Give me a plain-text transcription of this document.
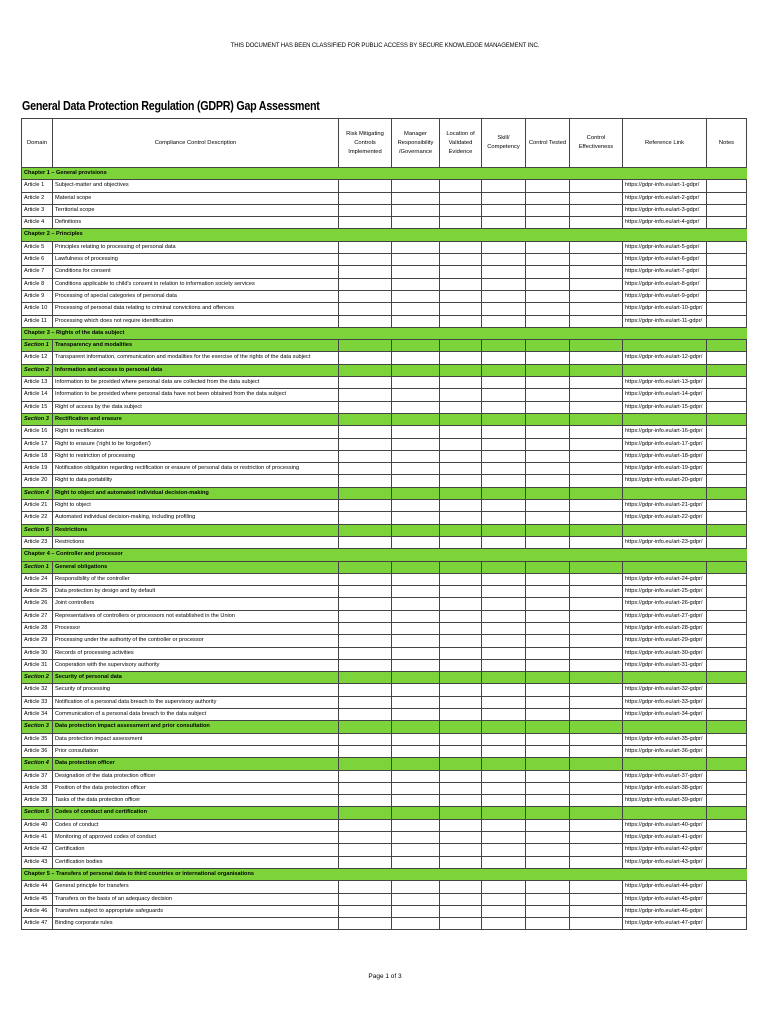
THIS DOCUMENT HAS BEEN CLASSIFIED FOR PUBLIC ACCESS BY SECURE KNOWLEDGE MANAGEMENT INC.
General Data Protection Regulation (GDPR) Gap Assessment
Domain	Compliance Control Description	Risk Mitigating Controls Implemented	Manager Responsibility /Governance	Location of Validated Evidence	Skill/ Competency	Control Tested	Control Effectiveness	Reference Link	Notes
Chapter 1 – General provisions									
Article 1	Subject-matter and objectives							https://gdpr-info.eu/art-1-gdpr/	
Article 2	Material scope							https://gdpr-info.eu/art-2-gdpr/	
Article 3	Territorial scope							https://gdpr-info.eu/art-3-gdpr/	
Article 4	Definitions							https://gdpr-info.eu/art-4-gdpr/	
Chapter 2 – Principles									
Article 5	Principles relating to processing of personal data							https://gdpr-info.eu/art-5-gdpr/	
Article 6	Lawfulness of processing							https://gdpr-info.eu/art-6-gdpr/	
Article 7	Conditions for consent							https://gdpr-info.eu/art-7-gdpr/	
Article 8	Conditions applicable to child's consent in relation to information society services							https://gdpr-info.eu/art-8-gdpr/	
Article 9	Processing of special categories of personal data							https://gdpr-info.eu/art-9-gdpr/	
Article 10	Processing of personal data relating to criminal convictions and offences							https://gdpr-info.eu/art-10-gdpr/	
Article 11	Processing which does not require identification							https://gdpr-info.eu/art-11-gdpr/	
Chapter 3 – Rights of the data subject									
Section 1	Transparency and modalities								
Article 12	Transparent information, communication and modalities for the exercise of the rights of the data subject							https://gdpr-info.eu/art-12-gdpr/	
Section 2	Information and access to personal data								
Article 13	Information to be provided where personal data are collected from the data subject							https://gdpr-info.eu/art-13-gdpr/	
Article 14	Information to be provided where personal data have not been obtained from the data subject							https://gdpr-info.eu/art-14-gdpr/	
Article 15	Right of access by the data subject							https://gdpr-info.eu/art-15-gdpr/	
Section 3	Rectification and erasure								
Article 16	Right to rectification							https://gdpr-info.eu/art-16-gdpr/	
Article 17	Right to erasure ('right to be forgotten')							https://gdpr-info.eu/art-17-gdpr/	
Article 18	Right to restriction of processing							https://gdpr-info.eu/art-18-gdpr/	
Article 19	Notification obligation regarding rectification or erasure of personal data or restriction of processing							https://gdpr-info.eu/art-19-gdpr/	
Article 20	Right to data portability							https://gdpr-info.eu/art-20-gdpr/	
Section 4	Right to object and automated individual decision-making								
Article 21	Right to object							https://gdpr-info.eu/art-21-gdpr/	
Article 22	Automated individual decision-making, including profiling							https://gdpr-info.eu/art-22-gdpr/	
Section 5	Restrictions								
Article 23	Restrictions							https://gdpr-info.eu/art-23-gdpr/	
Chapter 4 – Controller and processor									
Section 1	General obligations								
Article 24	Responsibility of the controller							https://gdpr-info.eu/art-24-gdpr/	
Article 25	Data protection by design and by default							https://gdpr-info.eu/art-25-gdpr/	
Article 26	Joint controllers							https://gdpr-info.eu/art-26-gdpr/	
Article 27	Representatives of controllers or processors not established in the Union							https://gdpr-info.eu/art-27-gdpr/	
Article 28	Processor							https://gdpr-info.eu/art-28-gdpr/	
Article 29	Processing under the authority of the controller or processor							https://gdpr-info.eu/art-29-gdpr/	
Article 30	Records of processing activities							https://gdpr-info.eu/art-30-gdpr/	
Article 31	Cooperation with the supervisory authority							https://gdpr-info.eu/art-31-gdpr/	
Section 2	Security of personal data								
Article 32	Security of processing							https://gdpr-info.eu/art-32-gdpr/	
Article 33	Notification of a personal data breach to the supervisory authority							https://gdpr-info.eu/art-33-gdpr/	
Article 34	Communication of a personal data breach to the data subject							https://gdpr-info.eu/art-34-gdpr/	
Section 3	Data protection impact assessment and prior consultation								
Article 35	Data protection impact assessment							https://gdpr-info.eu/art-35-gdpr/	
Article 36	Prior consultation							https://gdpr-info.eu/art-36-gdpr/	
Section 4	Data protection officer								
Article 37	Designation of the data protection officer							https://gdpr-info.eu/art-37-gdpr/	
Article 38	Position of the data protection officer							https://gdpr-info.eu/art-38-gdpr/	
Article 39	Tasks of the data protection officer							https://gdpr-info.eu/art-39-gdpr/	
Section 5	Codes of conduct and certification								
Article 40	Codes of conduct							https://gdpr-info.eu/art-40-gdpr/	
Article 41	Monitoring of approved codes of conduct							https://gdpr-info.eu/art-41-gdpr/	
Article 42	Certification							https://gdpr-info.eu/art-42-gdpr/	
Article 43	Certification bodies							https://gdpr-info.eu/art-43-gdpr/	
Chapter 5 – Transfers of personal data to third countries or international organisations									
Article 44	General principle for transfers							https://gdpr-info.eu/art-44-gdpr/	
Article 45	Transfers on the basis of an adequacy decision							https://gdpr-info.eu/art-45-gdpr/	
Article 46	Transfers subject to appropriate safeguards							https://gdpr-info.eu/art-46-gdpr/	
Article 47	Binding corporate rules							https://gdpr-info.eu/art-47-gdpr/	
Page 1 of 3
